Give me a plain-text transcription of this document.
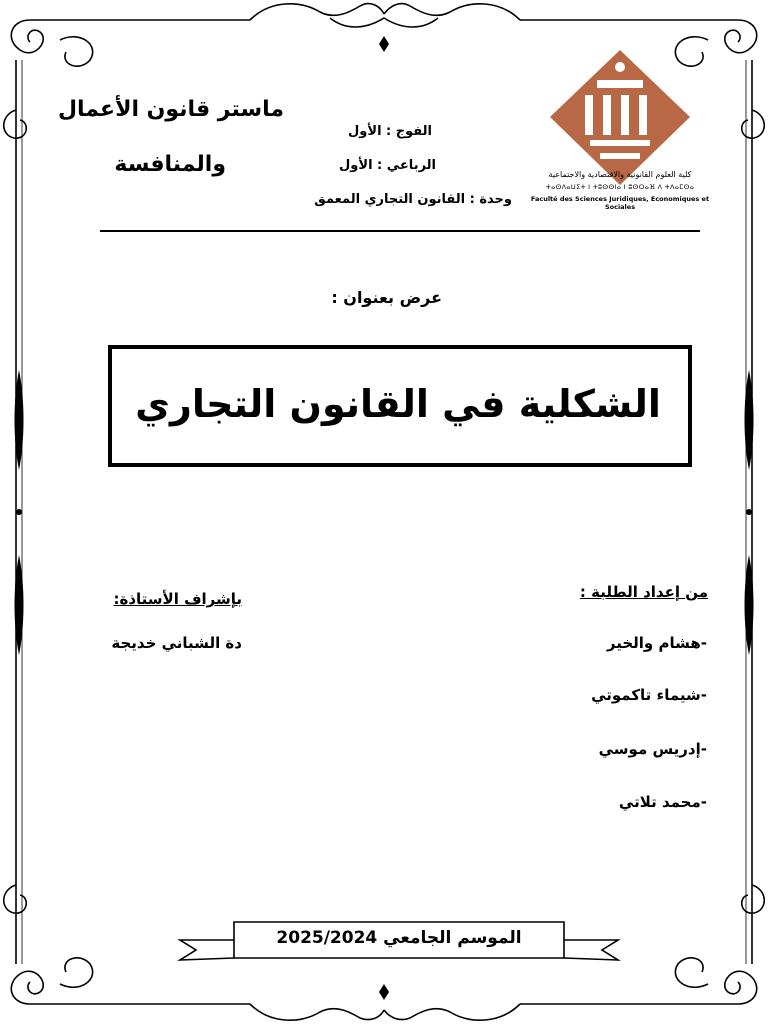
كلية العلوم القانونية والاقتصادية والاجتماعية
ⵜⴰⵙⴷⴰⵡⵉⵜ ⵏ ⵜⵓⵙⵙⵏⴰ ⵏ ⵓⵙⵔⴰⴼ ⴷ ⵜⴷⴰⵎⵙⴰ
Faculté des Sciences Juridiques, Economiques et Sociales
ماستر قانون الأعمال
والمنافسة
الفوج : الأول
الرباعي : الأول
وحدة : القانون التجاري المعمق
عرض بعنوان :
الشكلية في القانون التجاري
من إعداد الطلبة :
-هشام والخير
-شيماء تاكموتي
-إدريس موسي
-محمد تلاتي
بإشراف الأستاذة:
دة الشباني خديجة
الموسم الجامعي 2025/2024
